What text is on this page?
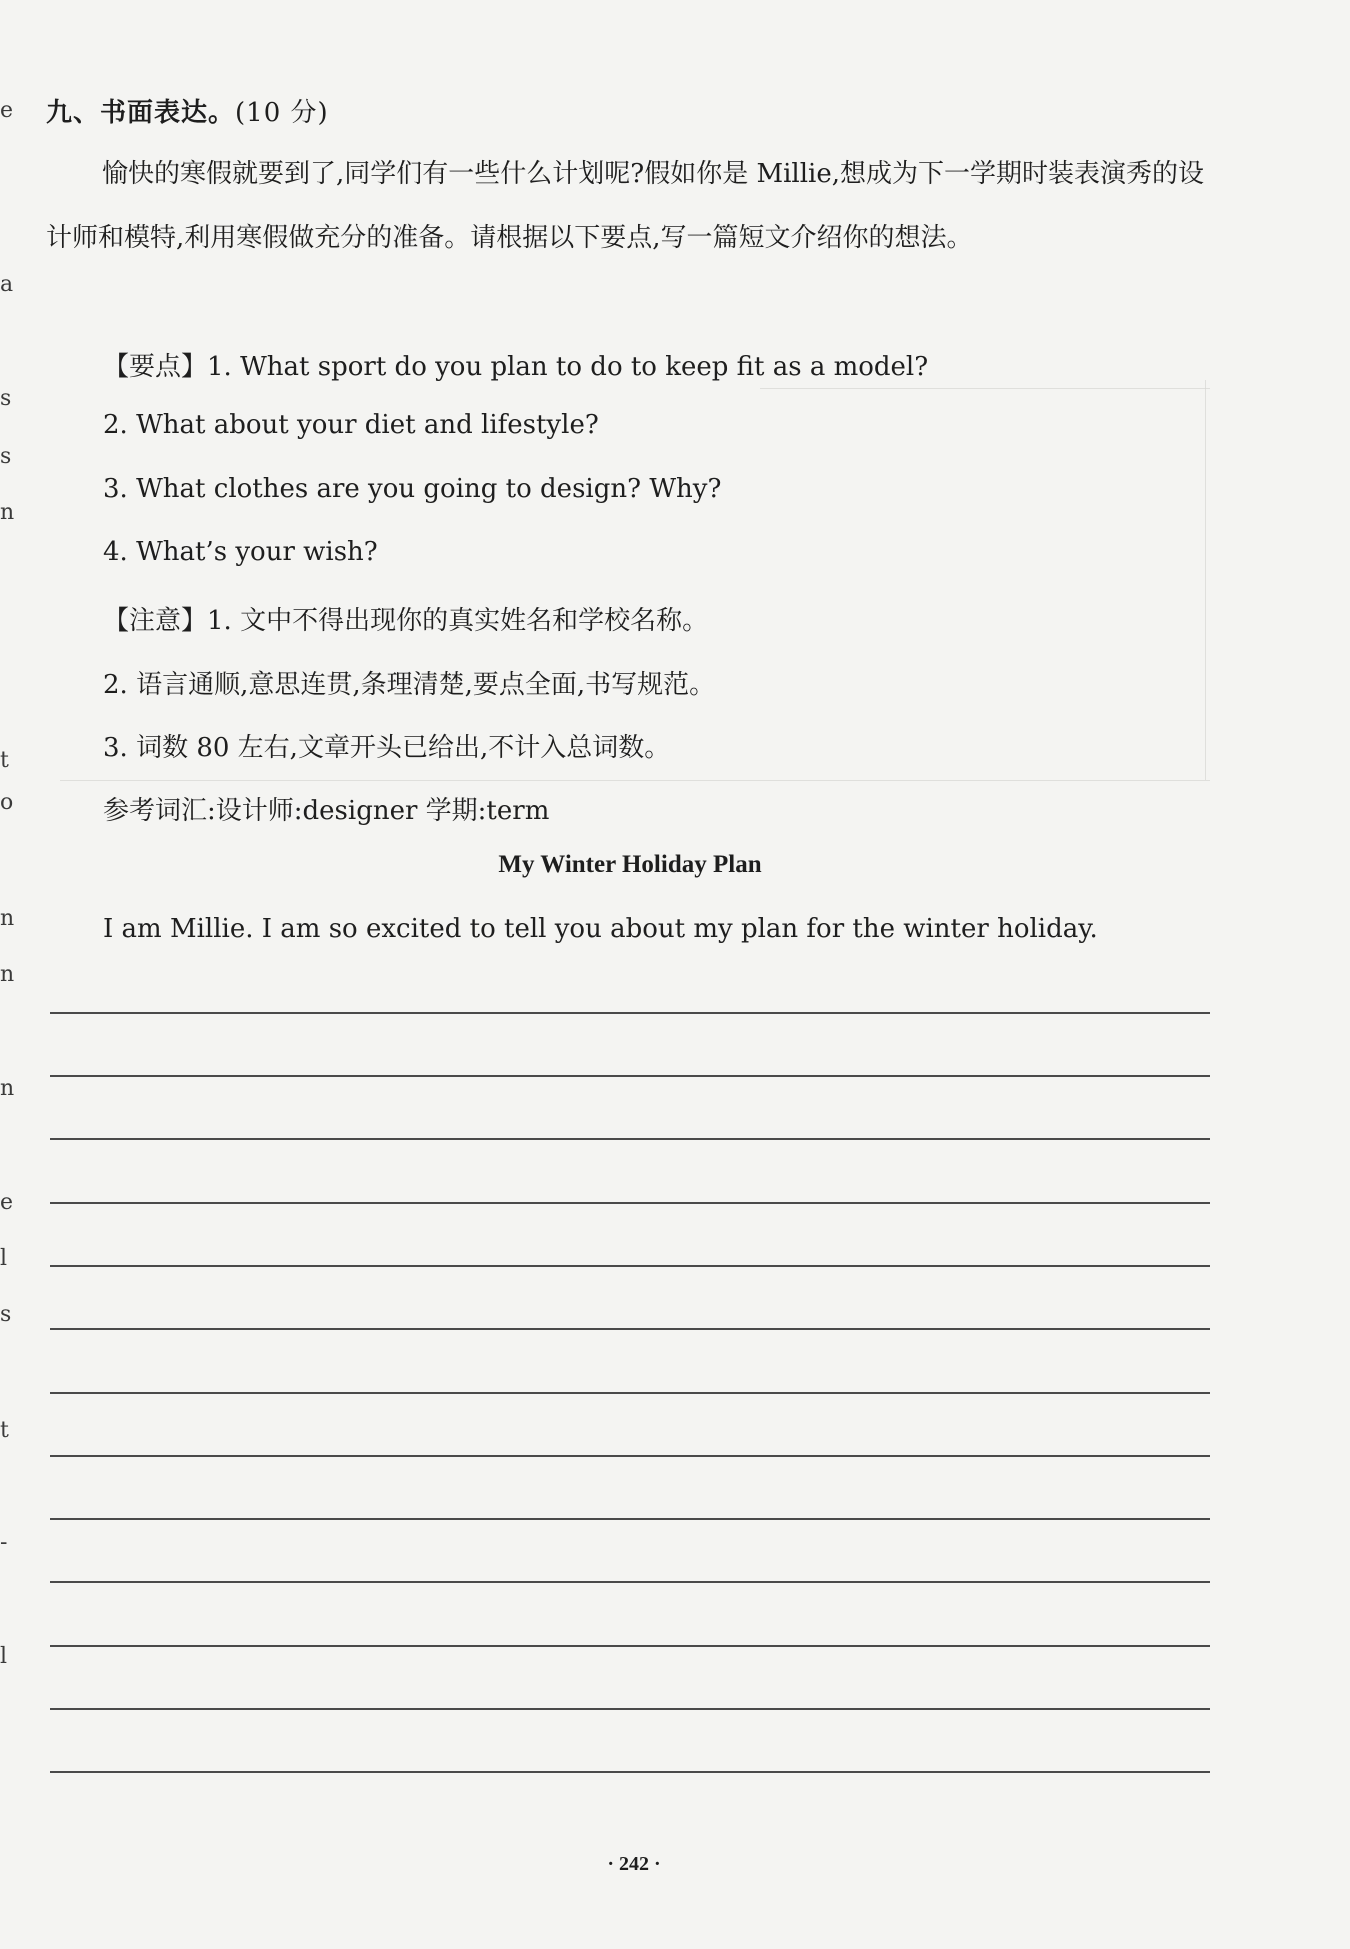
e
a
s
s
n
t
o
n
n
n
e
l
s
t
-
l
九、书面表达。(10 分)
愉快的寒假就要到了,同学们有一些什么计划呢?假如你是 Millie,想成为下一学期时装表演秀的设计师和模特,利用寒假做充分的准备。请根据以下要点,写一篇短文介绍你的想法。
【要点】1. What sport do you plan to do to keep fit as a model?
2. What about your diet and lifestyle?
3. What clothes are you going to design? Why?
4. What’s your wish?
【注意】1. 文中不得出现你的真实姓名和学校名称。
2. 语言通顺,意思连贯,条理清楚,要点全面,书写规范。
3. 词数 80 左右,文章开头已给出,不计入总词数。
参考词汇:设计师:designer 学期:term
My Winter Holiday Plan
I am Millie. I am so excited to tell you about my plan for the winter holiday.
· 242 ·
